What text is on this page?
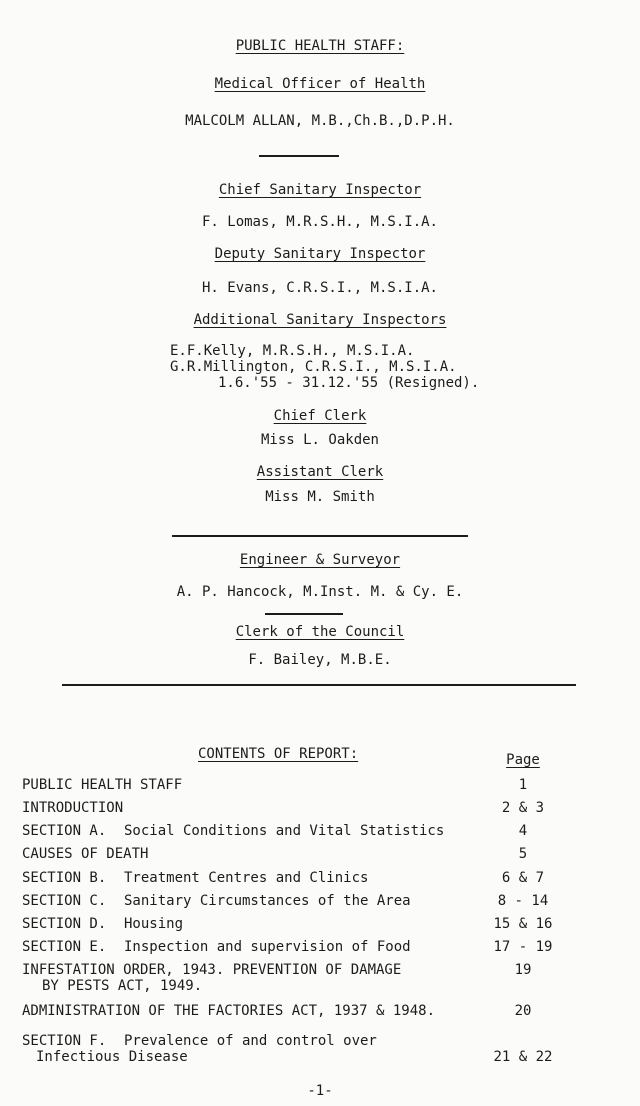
PUBLIC HEALTH STAFF:
Medical Officer of Health
MALCOLM ALLAN, M.B.,Ch.B.,D.P.H.
Chief Sanitary Inspector
F. Lomas, M.R.S.H., M.S.I.A.
Deputy Sanitary Inspector
H. Evans, C.R.S.I., M.S.I.A.
Additional Sanitary Inspectors
E.F.Kelly, M.R.S.H., M.S.I.A.
G.R.Millington, C.R.S.I., M.S.I.A.
1.6.'55 - 31.12.'55 (Resigned).
Chief Clerk
Miss L. Oakden
Assistant Clerk
Miss M. Smith
Engineer & Surveyor
A. P. Hancock, M.Inst. M. & Cy. E.
Clerk of the Council
F. Bailey, M.B.E.
CONTENTS OF REPORT:	Page
PUBLIC HEALTH STAFF	1
INTRODUCTION	2 & 3
SECTION A. Social Conditions and Vital Statistics	4
CAUSES OF DEATH	5
SECTION B. Treatment Centres and Clinics	6 & 7
SECTION C. Sanitary Circumstances of the Area	8 - 14
SECTION D. Housing	15 & 16
SECTION E. Inspection and supervision of Food	17 - 19
INFESTATION ORDER, 1943. PREVENTION OF DAMAGE	19
BY PESTS ACT, 1949.
ADMINISTRATION OF THE FACTORIES ACT, 1937 & 1948.	20
SECTION F. Prevalence of and control over
Infectious Disease	21 & 22
-1-
